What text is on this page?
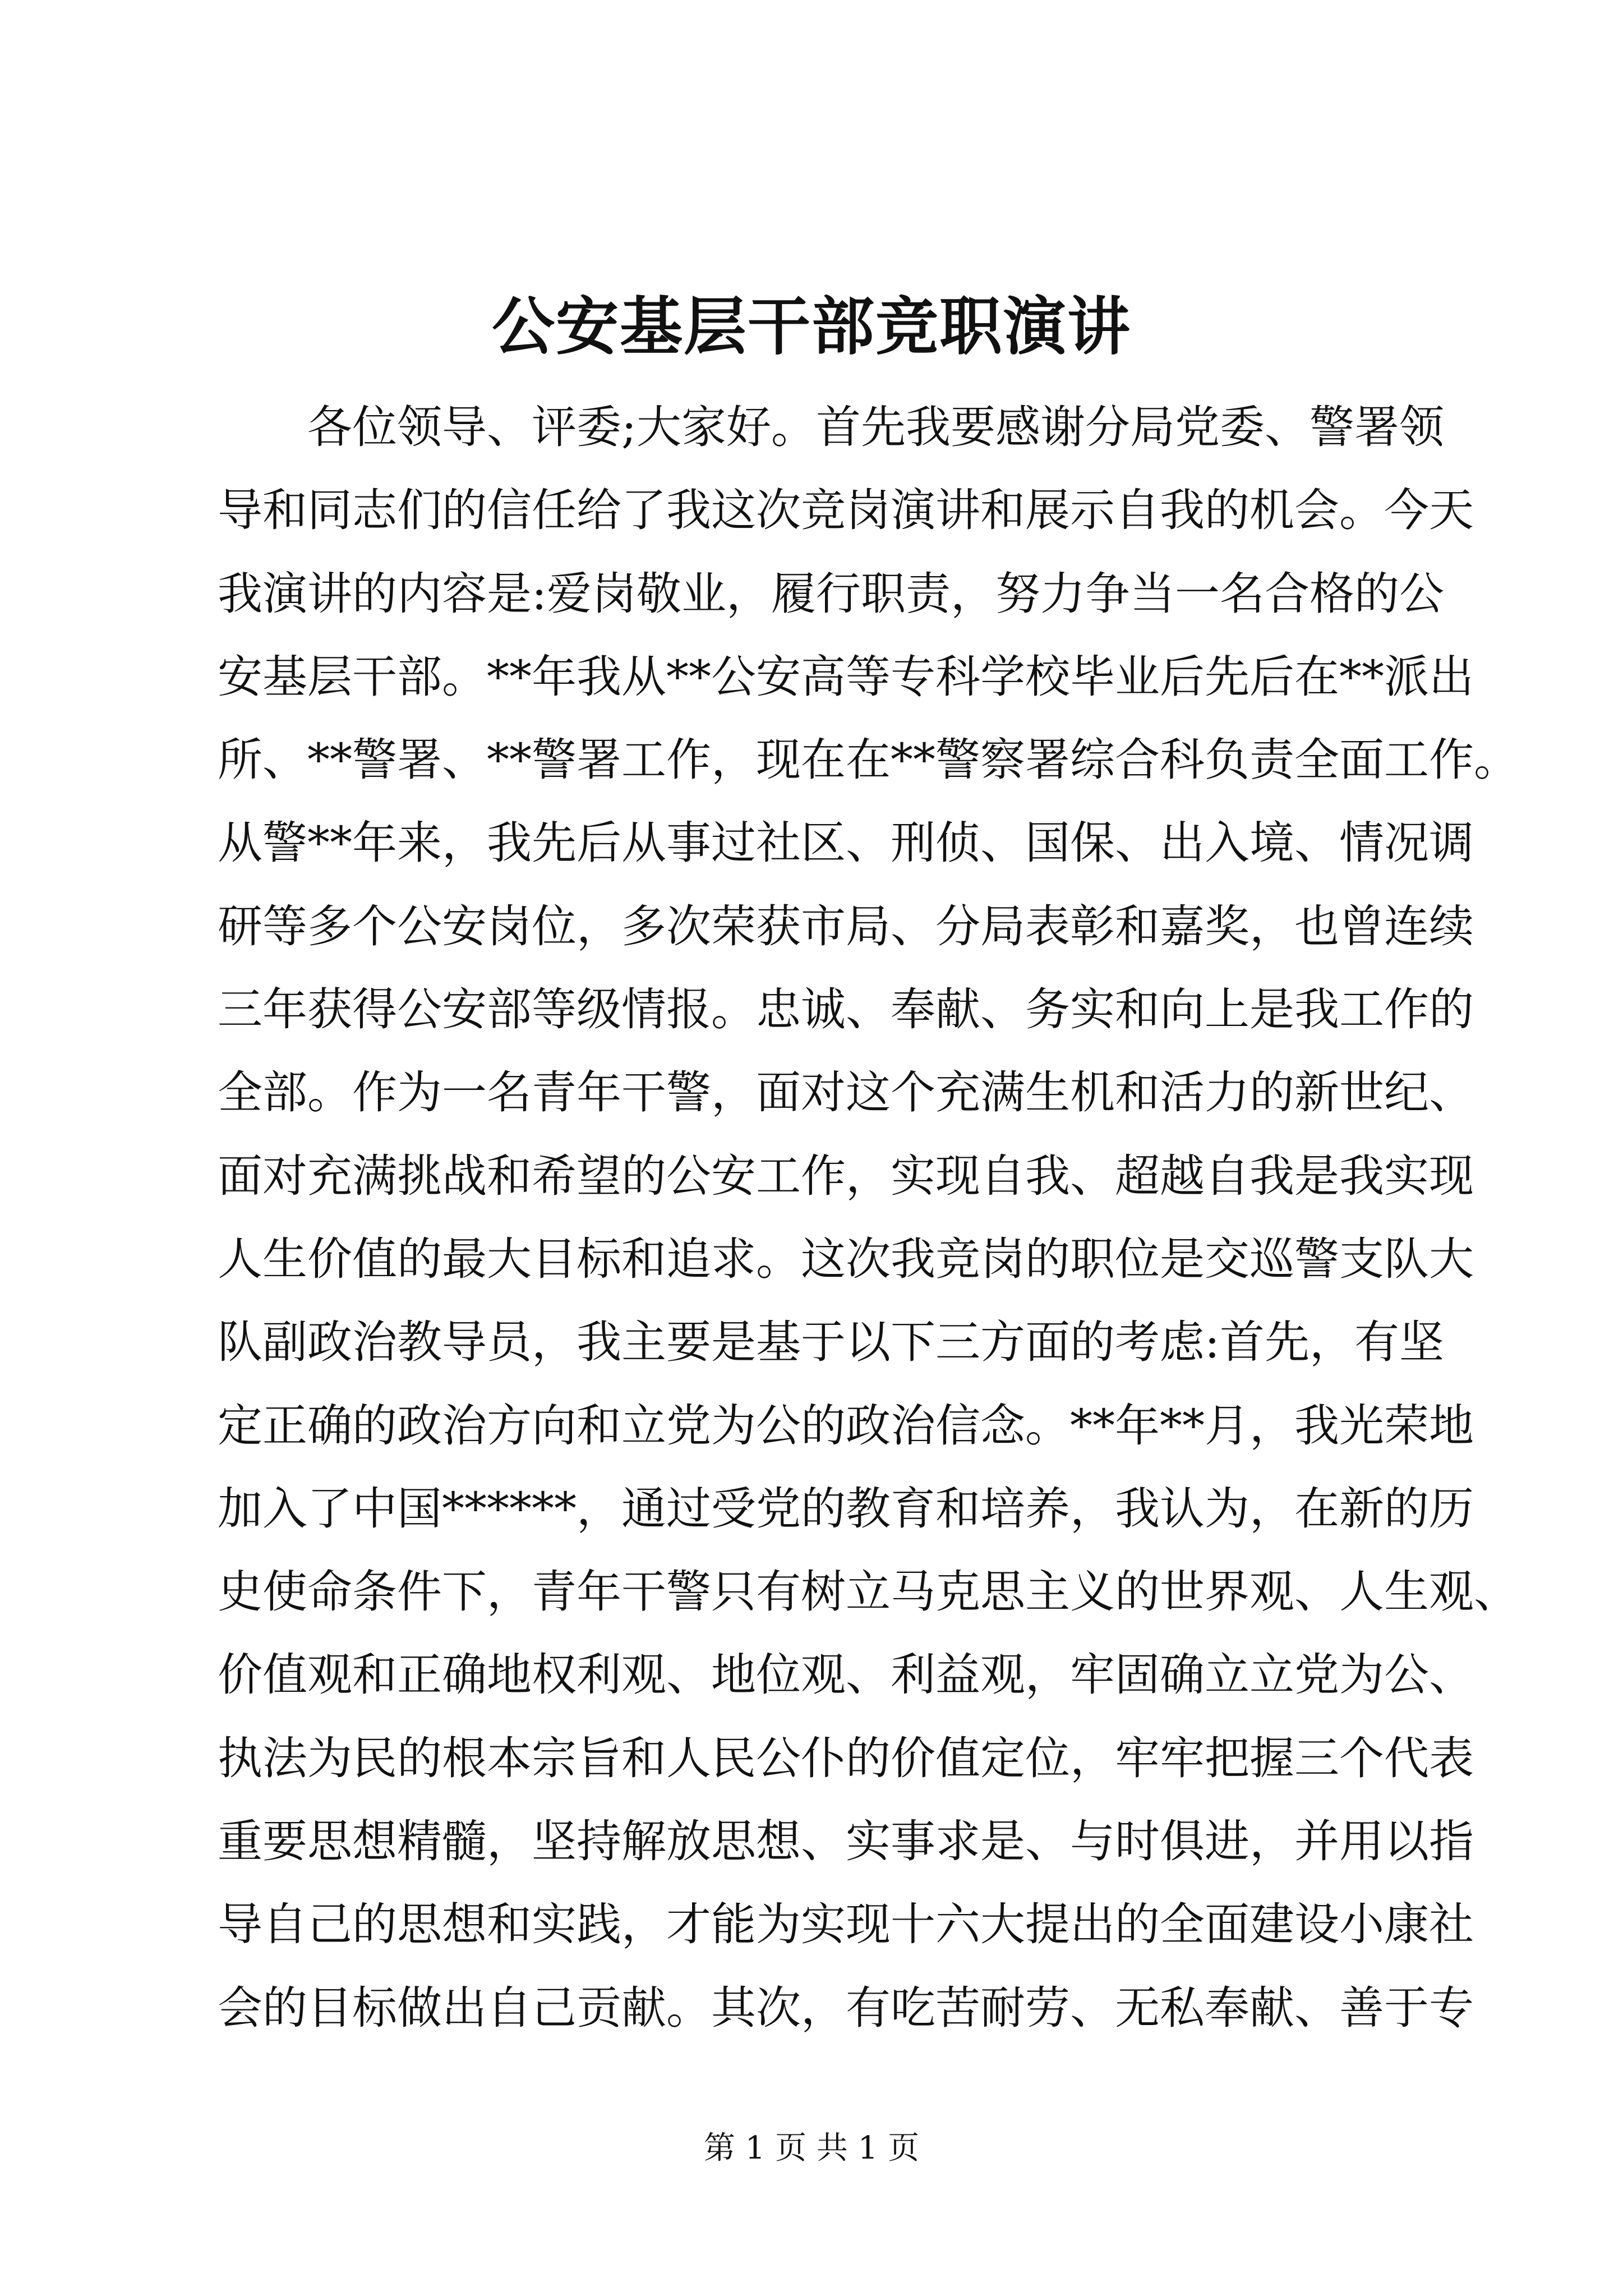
公安基层干部竞职演讲
各位领导、评委;大家好。首先我要感谢分局党委、警署领
导和同志们的信任给了我这次竞岗演讲和展示自我的机会。今天
我演讲的内容是:爱岗敬业，履行职责，努力争当一名合格的公
安基层干部。**年我从**公安高等专科学校毕业后先后在**派出
所、**警署、**警署工作，现在在**警察署综合科负责全面工作。
从警**年来，我先后从事过社区、刑侦、国保、出入境、情况调
研等多个公安岗位，多次荣获市局、分局表彰和嘉奖，也曾连续
三年获得公安部等级情报。忠诚、奉献、务实和向上是我工作的
全部。作为一名青年干警，面对这个充满生机和活力的新世纪、
面对充满挑战和希望的公安工作，实现自我、超越自我是我实现
人生价值的最大目标和追求。这次我竞岗的职位是交巡警支队大
队副政治教导员，我主要是基于以下三方面的考虑:首先，有坚
定正确的政治方向和立党为公的政治信念。**年**月，我光荣地
加入了中国******，通过受党的教育和培养，我认为，在新的历
史使命条件下，青年干警只有树立马克思主义的世界观、人生观、
价值观和正确地权利观、地位观、利益观，牢固确立立党为公、
执法为民的根本宗旨和人民公仆的价值定位，牢牢把握三个代表
重要思想精髓，坚持解放思想、实事求是、与时俱进，并用以指
导自己的思想和实践，才能为实现十六大提出的全面建设小康社
会的目标做出自己贡献。其次，有吃苦耐劳、无私奉献、善于专
第 1 页 共 1 页
